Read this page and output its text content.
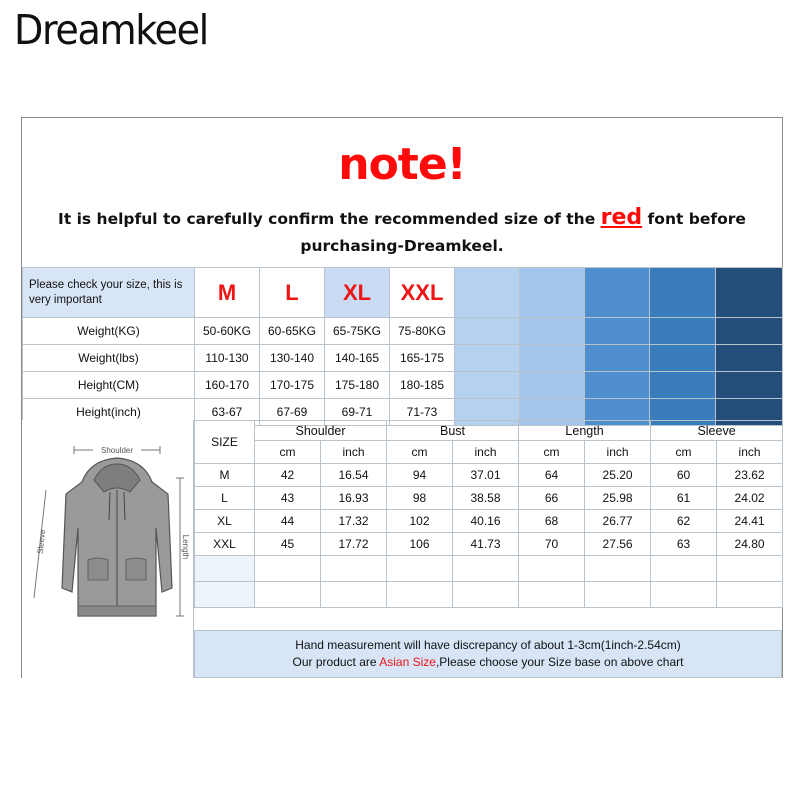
Dreamkeel
note!
It is helpful to carefully confirm the recommended size of the red font before
purchasing-Dreamkeel.
Please check your size, this is very important	M	L	XL	XXL					
Weight(KG)	50-60KG	60-65KG	65-75KG	75-80KG					
Weight(lbs)	110-130	130-140	140-165	165-175					
Height(CM)	160-170	170-175	175-180	180-185					
Height(inch)	63-67	67-69	69-71	71-73					
Shoulder
Length
Sleeve
SIZE	Shoulder		Bust		Length		Sleeve	
	cm	inch	cm	inch	cm	inch	cm	inch
M	42	16.54	94	37.01	64	25.20	60	23.62
L	43	16.93	98	38.58	66	25.98	61	24.02
XL	44	17.32	102	40.16	68	26.77	62	24.41
XXL	45	17.72	106	41.73	70	27.56	63	24.80

Hand measurement will have discrepancy of about 1-3cm(1inch-2.54cm)
Our product are Asian Size,Please choose your Size base on above chart
